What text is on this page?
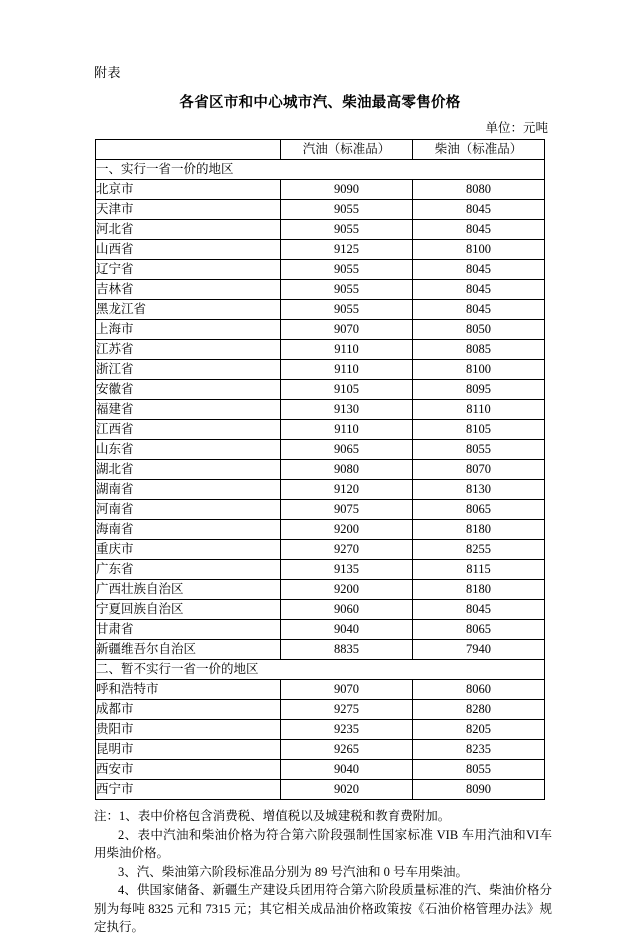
附表
各省区市和中心城市汽、柴油最高零售价格
单位：元吨
	汽油（标准品）	柴油（标准品）
一、实行一省一价的地区		
北京市	9090	8080
天津市	9055	8045
河北省	9055	8045
山西省	9125	8100
辽宁省	9055	8045
吉林省	9055	8045
黑龙江省	9055	8045
上海市	9070	8050
江苏省	9110	8085
浙江省	9110	8100
安徽省	9105	8095
福建省	9130	8110
江西省	9110	8105
山东省	9065	8055
湖北省	9080	8070
湖南省	9120	8130
河南省	9075	8065
海南省	9200	8180
重庆市	9270	8255
广东省	9135	8115
广西壮族自治区	9200	8180
宁夏回族自治区	9060	8045
甘肃省	9040	8065
新疆维吾尔自治区	8835	7940
二、暂不实行一省一价的地区		
呼和浩特市	9070	8060
成都市	9275	8280
贵阳市	9235	8205
昆明市	9265	8235
西安市	9040	8055
西宁市	9020	8090

注：1、表中价格包含消费税、增值税以及城建税和教育费附加。

2、表中汽油和柴油价格为符合第六阶段强制性国家标准 VIB 车用汽油和VI车用柴油价格。

3、汽、柴油第六阶段标准品分别为 89 号汽油和 0 号车用柴油。

4、供国家储备、新疆生产建设兵团用符合第六阶段质量标准的汽、柴油价格分别为每吨 8325 元和 7315 元；其它相关成品油价格政策按《石油价格管理办法》规定执行。
